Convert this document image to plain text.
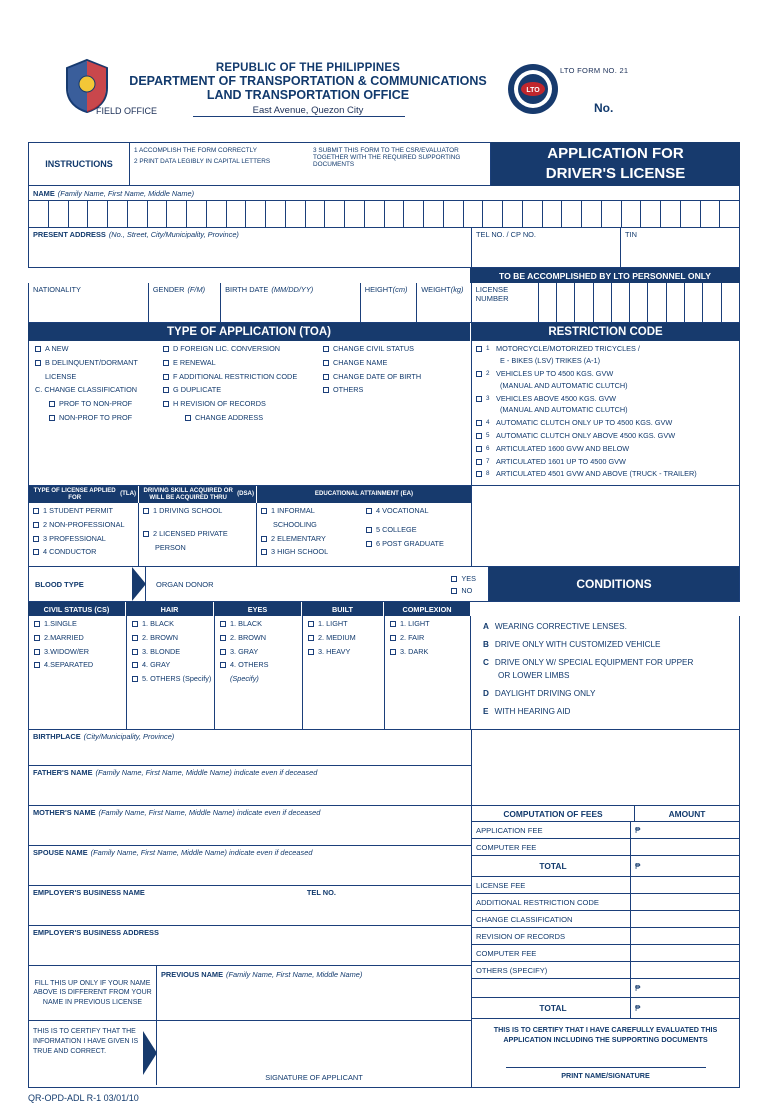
REPUBLIC OF THE PHILIPPINES
DEPARTMENT OF TRANSPORTATION & COMMUNICATIONS
LAND TRANSPORTATION OFFICE
East Avenue, Quezon City
LTO
LTO FORM NO. 21
No.
FIELD OFFICE
INSTRUCTIONS
1 ACCOMPLISH THE FORM CORRECTLY
2 PRINT DATA LEGIBLY IN CAPITAL LETTERS
3 SUBMIT THIS FORM TO THE CSR/EVALUATOR TOGETHER WITH THE REQUIRED SUPPORTING DOCUMENTS
APPLICATION FOR
DRIVER'S LICENSE
NAME (Family Name, First Name, Middle Name)
PRESENT ADDRESS (No., Street, City/Municipality, Province)	TEL NO. / CP NO.	TIN
TO BE ACCOMPLISHED BY LTO PERSONNEL ONLY
NATIONALITY	GENDER (F/M)	BIRTH DATE (MM/DD/YY)	HEIGHT (cm) WEIGHT (kg)	LICENSE
NUMBER
TYPE OF APPLICATION (TOA)	RESTRICTION CODE
A NEW
B DELINQUENT/DORMANT
LICENSE
C. CHANGE CLASSIFICATION
PROF TO NON-PROF
NON-PROF TO PROF
D FOREIGN LIC. CONVERSION
E RENEWAL
F ADDITIONAL RESTRICTION CODE
G DUPLICATE
H REVISION OF RECORDS
CHANGE ADDRESS
CHANGE CIVIL STATUS
CHANGE NAME
CHANGE DATE OF BIRTH
OTHERS
1 MOTORCYCLE/MOTORIZED TRICYCLES /
E - BIKES (LSV) TRIKES (A-1)
2 VEHICLES UP TO 4500 KGS. GVW
(MANUAL AND AUTOMATIC CLUTCH)
3 VEHICLES ABOVE 4500 KGS. GVW
(MANUAL AND AUTOMATIC CLUTCH)
4 AUTOMATIC CLUTCH ONLY UP TO 4500 KGS. GVW
5 AUTOMATIC CLUTCH ONLY ABOVE 4500 KGS. GVW
6 ARTICULATED 1600 GVW AND BELOW
7 ARTICULATED 1601 UP TO 4500 GVW
8 ARTICULATED 4501 GVW AND ABOVE (TRUCK - TRAILER)
TYPE OF LICENSE APPLIED FOR
	(TLA)	DRIVING SKILL ACQUIRED OR WILL BE ACQUIRED THRU
	(DSA)	EDUCATIONAL ATTAINMENT (EA)
1 STUDENT PERMIT
2 NON-PROFESSIONAL
3 PROFESSIONAL
4 CONDUCTOR
1 DRIVING SCHOOL
2 LICENSED PRIVATE
PERSON
1 INFORMAL
SCHOOLING
2 ELEMENTARY
3 HIGH SCHOOL
4 VOCATIONAL
5 COLLEGE
6 POST GRADUATE
BLOOD TYPE	ORGAN DONOR
YES
NO	CONDITIONS
CIVIL STATUS (CS)	HAIR	EYES	BUILT	COMPLEXION
1.SINGLE
2.MARRIED
3.WIDOW/ER
4.SEPARATED
1. BLACK
2. BROWN
3. BLONDE
4. GRAY
5. OTHERS (Specify)
1. BLACK
2. BROWN
3. GRAY
4. OTHERS
(Specify)
1. LIGHT
2. MEDIUM
3. HEAVY
1. LIGHT
2. FAIR
3. DARK
A WEARING CORRECTIVE LENSES.
B DRIVE ONLY WITH CUSTOMIZED VEHICLE
C DRIVE ONLY W/ SPECIAL EQUIPMENT FOR UPPER
OR LOWER LIMBS
D DAYLIGHT DRIVING ONLY
E WITH HEARING AID
BIRTHPLACE (City/Municipality, Province)
FATHER'S NAME (Family Name, First Name, Middle Name) indicate even if deceased
MOTHER'S NAME (Family Name, First Name, Middle Name) indicate even if deceased
SPOUSE NAME (Family Name, First Name, Middle Name) indicate even if deceased
EMPLOYER'S BUSINESS NAME	TEL NO.
EMPLOYER'S BUSINESS ADDRESS
FILL THIS UP ONLY IF YOUR NAME ABOVE IS DIFFERENT FROM YOUR NAME IN PREVIOUS LICENSE
PREVIOUS NAME (Family Name, First Name, Middle Name)
THIS IS TO CERTIFY THAT THE INFORMATION I HAVE GIVEN IS TRUE AND CORRECT.
SIGNATURE OF APPLICANT
COMPUTATION OF FEES	AMOUNT
APPLICATION FEE	₱
COMPUTER FEE
TOTAL	₱
LICENSE FEE
ADDITIONAL RESTRICTION CODE
CHANGE CLASSIFICATION
REVISION OF RECORDS
COMPUTER FEE
OTHERS (SPECIFY)
₱
TOTAL	₱
THIS IS TO CERTIFY THAT I HAVE CAREFULLY EVALUATED THIS
APPLICATION INCLUDING THE SUPPORTING DOCUMENTS
PRINT NAME/SIGNATURE
QR-OPD-ADL R-1 03/01/10
